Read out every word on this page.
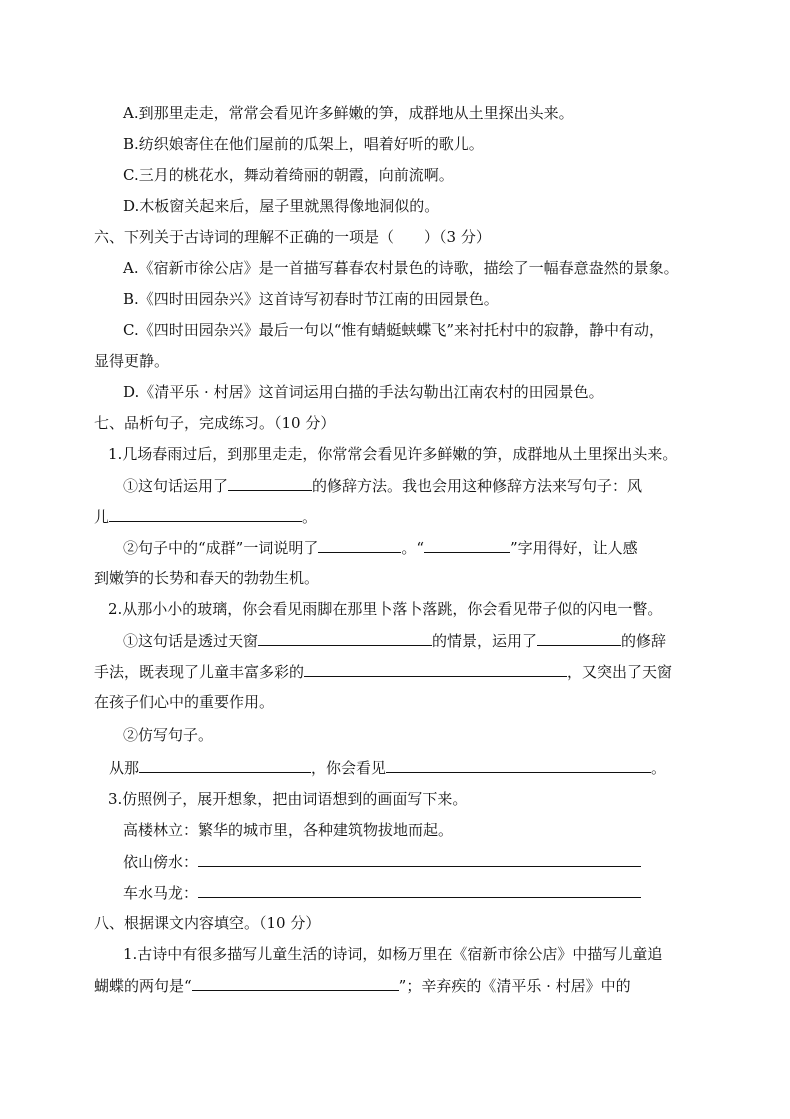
A.到那里走走，常常会看见许多鲜嫩的笋，成群地从土里探出头来。
B.纺织娘寄住在他们屋前的瓜架上，唱着好听的歌儿。
C.三月的桃花水，舞动着绮丽的朝霞，向前流啊。
D.木板窗关起来后，屋子里就黑得像地洞似的。
六、下列关于古诗词的理解不正确的一项是（　　）（3 分）
A.《宿新市徐公店》是一首描写暮春农村景色的诗歌，描绘了一幅春意盎然的景象。
B.《四时田园杂兴》这首诗写初春时节江南的田园景色。
C.《四时田园杂兴》最后一句以“惟有蜻蜓蛱蝶飞”来衬托村中的寂静，静中有动，
显得更静。
D.《清平乐 · 村居》这首词运用白描的手法勾勒出江南农村的田园景色。
七、品析句子，完成练习。（10 分）
1.几场春雨过后，到那里走走，你常常会看见许多鲜嫩的笋，成群地从土里探出头来。
①这句话运用了	的修辞方法。我也会用这种修辞方法来写句子：风
儿	。
②句子中的“成群”一词说明了	。“	”字用得好，让人感
到嫩笋的长势和春天的勃勃生机。
2.从那小小的玻璃，你会看见雨脚在那里卜落卜落跳，你会看见带子似的闪电一瞥。
①这句话是透过天窗	的情景，运用了	的修辞
手法，既表现了儿童丰富多彩的	，又突出了天窗
在孩子们心中的重要作用。
②仿写句子。
从那	，你会看见	。
3.仿照例子，展开想象，把由词语想到的画面写下来。
高楼林立：繁华的城市里，各种建筑物拔地而起。
依山傍水：
车水马龙：
八、根据课文内容填空。（10 分）
1.古诗中有很多描写儿童生活的诗词，如杨万里在《宿新市徐公店》中描写儿童追
蝴蝶的两句是“	”；辛弃疾的《清平乐 · 村居》中的
